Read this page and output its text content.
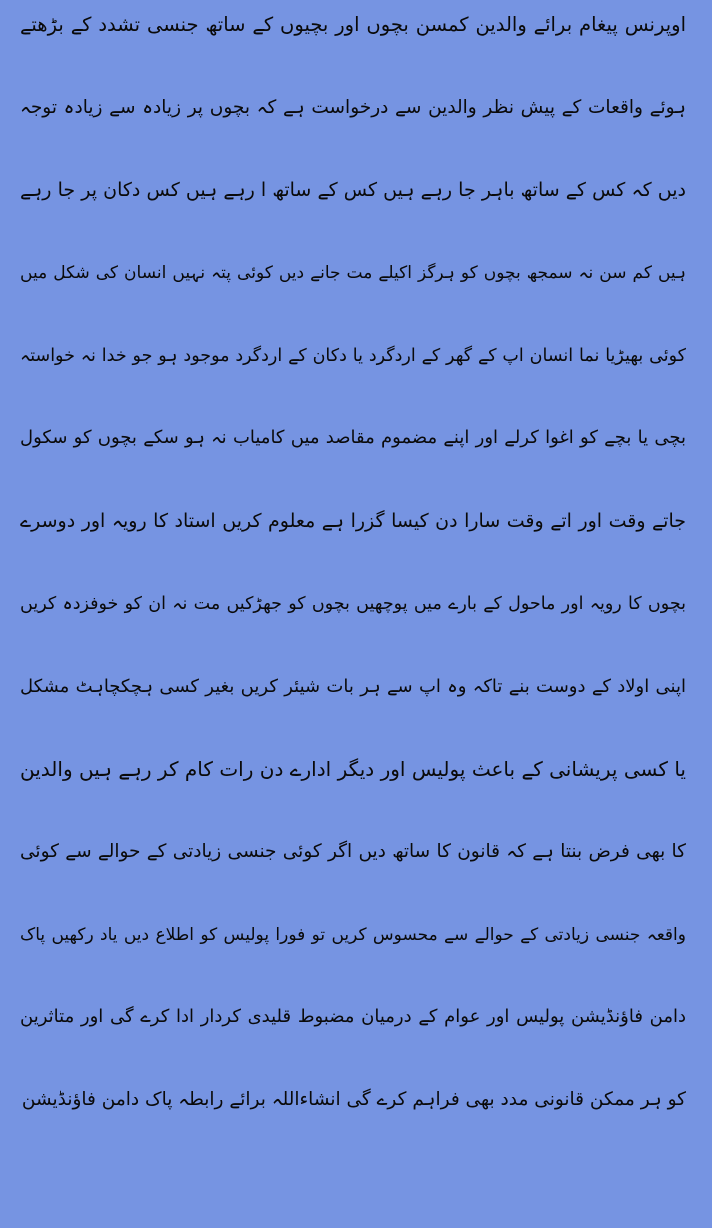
اوپرنس پیغام برائے والدین کمسن بچوں اور بچیوں کے ساتھ جنسی تشدد کے بڑھتے
ہوئے واقعات کے پیش نظر والدین سے درخواست ہے کہ بچوں پر زیادہ سے زیادہ توجہ
دیں کہ کس کے ساتھ باہر جا رہے ہیں کس کے ساتھ ا رہے ہیں کس دکان پر جا رہے
ہیں کم سن نہ سمجھ بچوں کو ہرگز اکیلے مت جانے دیں کوئی پتہ نہیں انسان کی شکل میں
کوئی بھیڑیا نما انسان اپ کے گھر کے اردگرد یا دکان کے اردگرد موجود ہو جو خدا نہ خواستہ
بچی یا بچے کو اغوا کرلے اور اپنے مضموم مقاصد میں کامیاب نہ ہو سکے بچوں کو سکول
جاتے وقت اور اتے وقت سارا دن کیسا گزرا ہے معلوم کریں استاد کا رویہ اور دوسرے
بچوں کا رویہ اور ماحول کے بارے میں پوچھیں بچوں کو جھڑکیں مت نہ ان کو خوفزدہ کریں
اپنی اولاد کے دوست بنے تاکہ وہ اپ سے ہر بات شیئر کریں بغیر کسی ہچکچاہٹ مشکل
یا کسی پریشانی کے باعث پولیس اور دیگر ادارے دن رات کام کر رہے ہیں والدین
کا بھی فرض بنتا ہے کہ قانون کا ساتھ دیں اگر کوئی جنسی زیادتی کے حوالے سے کوئی
واقعہ جنسی زیادتی کے حوالے سے محسوس کریں تو فورا پولیس کو اطلاع دیں یاد رکھیں پاک
دامن فاؤنڈیشن پولیس اور عوام کے درمیان مضبوط قلیدی کردار ادا کرے گی اور متاثرین
کو ہر ممکن قانونی مدد بھی فراہم کرے گی انشاءاللہ برائے رابطہ پاک دامن فاؤنڈیشن
